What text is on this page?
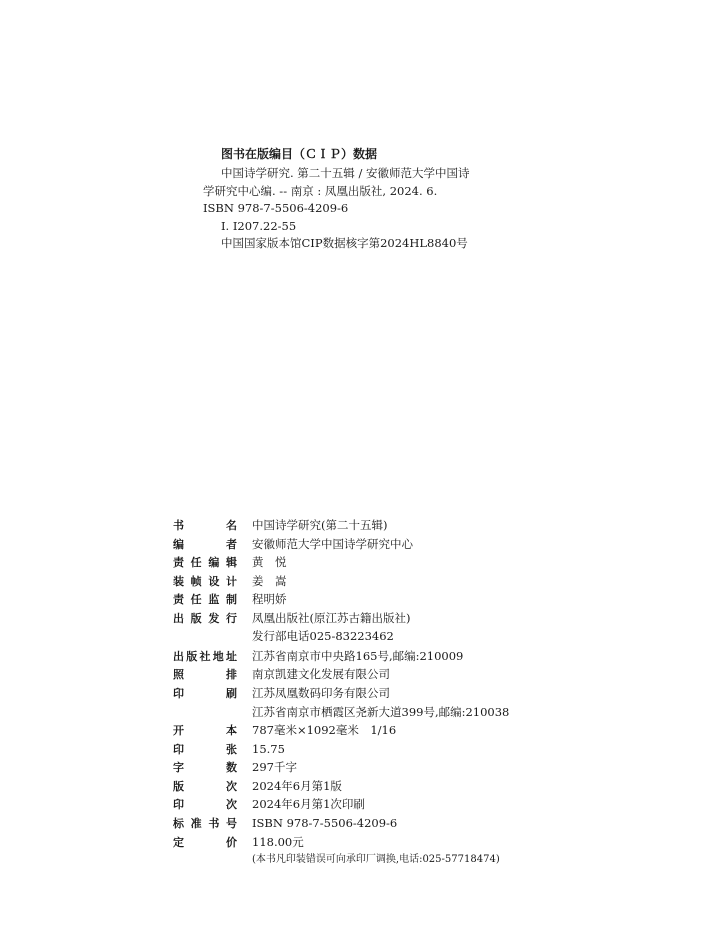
图书在版编目（ＣＩＰ）数据
中国诗学研究. 第二十五辑 / 安徽师范大学中国诗
学研究中心编. -- 南京 : 凤凰出版社, 2024. 6.
ISBN 978-7-5506-4209-6
Ⅰ. I207.22-55
中国国家版本馆CIP数据核字第2024HL8840号
书	名 中国诗学研究(第二十五辑)
编	者 安徽师范大学中国诗学研究中心
责 任 编 辑 黄　悦
装 帧 设 计 姜　嵩
责 任 监 制 程明娇
出 版 发 行 凤凰出版社(原江苏古籍出版社)
发行部电话025-83223462
出 版 社 地 址 江苏省南京市中央路165号,邮编:210009
照	排 南京凯建文化发展有限公司
印	刷 江苏凤凰数码印务有限公司
江苏省南京市栖霞区尧新大道399号,邮编:210038
开	本 787毫米×1092毫米　1/16
印	张 15.75
字	数 297千字
版	次 2024年6月第1版
印	次 2024年6月第1次印刷
标 准 书 号 ISBN 978-7-5506-4209-6
定	价 118.00元
(本书凡印装错误可向承印厂调换,电话:025-57718474)
